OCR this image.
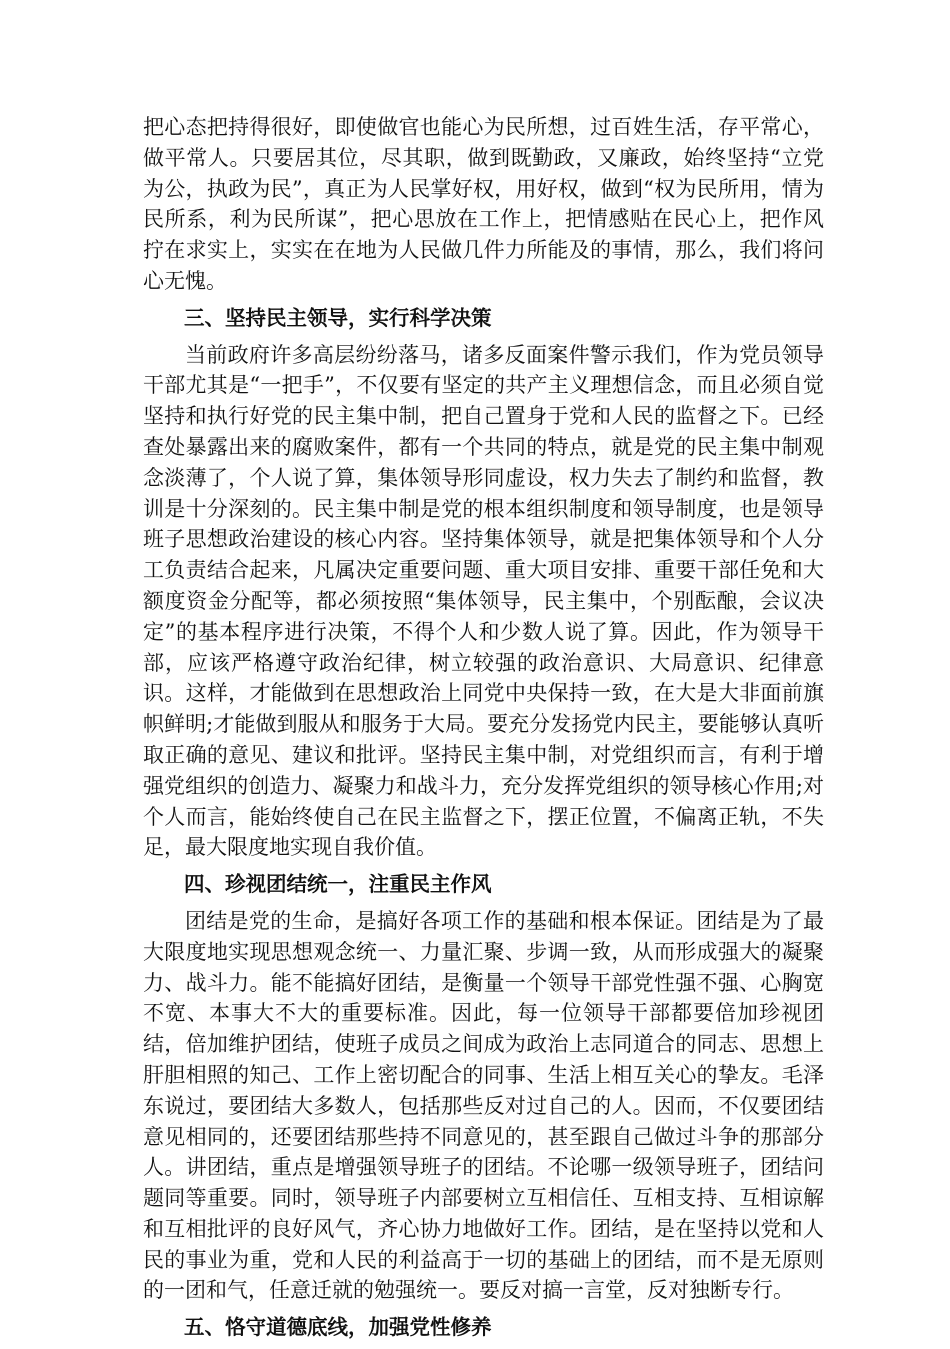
把心态把持得很好，即使做官也能心为民所想，过百姓生活，存平常心，做平常人。只要居其位，尽其职，做到既勤政，又廉政，始终坚持“立党为公，执政为民”，真正为人民掌好权，用好权，做到“权为民所用，情为民所系，利为民所谋”，把心思放在工作上，把情感贴在民心上，把作风拧在求实上，实实在在地为人民做几件力所能及的事情，那么，我们将问心无愧。

三、坚持民主领导，实行科学决策

当前政府许多高层纷纷落马，诸多反面案件警示我们，作为党员领导干部尤其是“一把手”，不仅要有坚定的共产主义理想信念，而且必须自觉坚持和执行好党的民主集中制，把自己置身于党和人民的监督之下。已经查处暴露出来的腐败案件，都有一个共同的特点，就是党的民主集中制观念淡薄了，个人说了算，集体领导形同虚设，权力失去了制约和监督，教训是十分深刻的。民主集中制是党的根本组织制度和领导制度，也是领导班子思想政治建设的核心内容。坚持集体领导，就是把集体领导和个人分工负责结合起来，凡属决定重要问题、重大项目安排、重要干部任免和大额度资金分配等，都必须按照“集体领导，民主集中，个别酝酿，会议决定”的基本程序进行决策，不得个人和少数人说了算。因此，作为领导干部，应该严格遵守政治纪律，树立较强的政治意识、大局意识、纪律意识。这样，才能做到在思想政治上同党中央保持一致，在大是大非面前旗帜鲜明;才能做到服从和服务于大局。要充分发扬党内民主，要能够认真听取正确的意见、建议和批评。坚持民主集中制，对党组织而言，有利于增强党组织的创造力、凝聚力和战斗力，充分发挥党组织的领导核心作用;对个人而言，能始终使自己在民主监督之下，摆正位置，不偏离正轨，不失足，最大限度地实现自我价值。

四、珍视团结统一，注重民主作风

团结是党的生命，是搞好各项工作的基础和根本保证。团结是为了最大限度地实现思想观念统一、力量汇聚、步调一致，从而形成强大的凝聚力、战斗力。能不能搞好团结，是衡量一个领导干部党性强不强、心胸宽不宽、本事大不大的重要标准。因此，每一位领导干部都要倍加珍视团结，倍加维护团结，使班子成员之间成为政治上志同道合的同志、思想上肝胆相照的知己、工作上密切配合的同事、生活上相互关心的挚友。毛泽东说过，要团结大多数人，包括那些反对过自己的人。因而，不仅要团结意见相同的，还要团结那些持不同意见的，甚至跟自己做过斗争的那部分人。讲团结，重点是增强领导班子的团结。不论哪一级领导班子，团结问题同等重要。同时，领导班子内部要树立互相信任、互相支持、互相谅解和互相批评的良好风气，齐心协力地做好工作。团结，是在坚持以党和人民的事业为重，党和人民的利益高于一切的基础上的团结，而不是无原则的一团和气，任意迁就的勉强统一。要反对搞一言堂，反对独断专行。

五、恪守道德底线，加强党性修养
